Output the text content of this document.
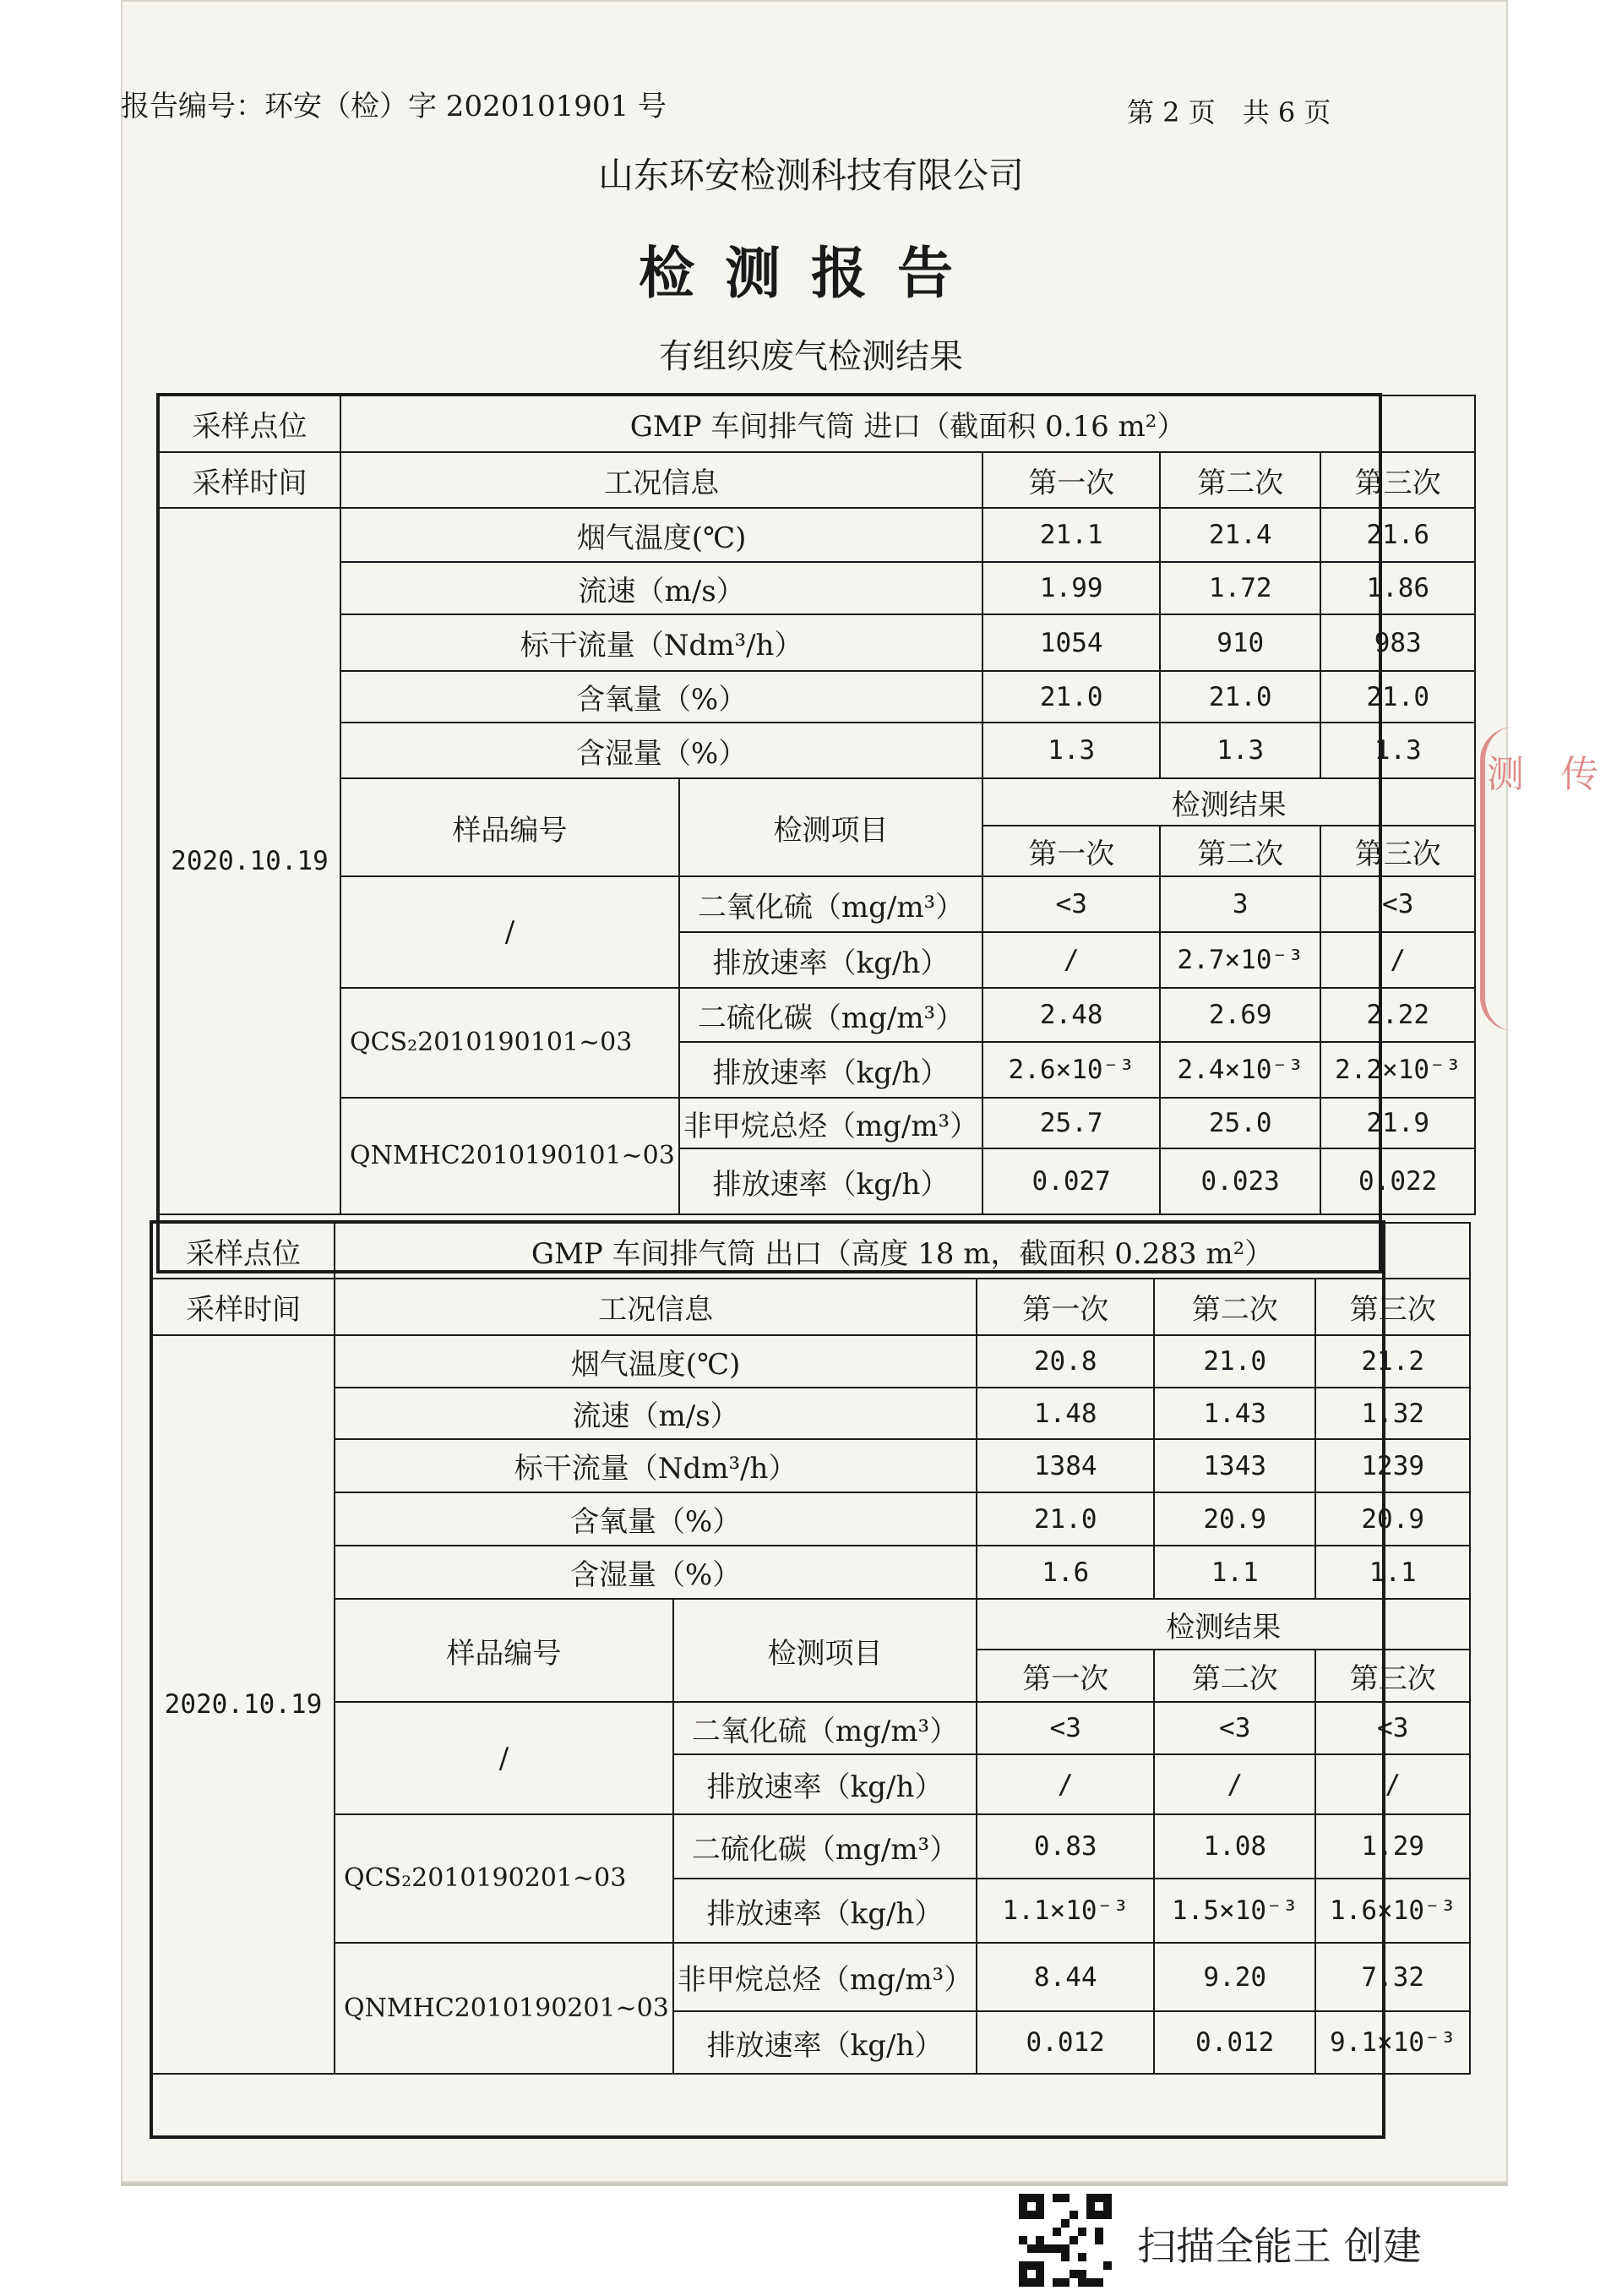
报告编号：环安（检）字 2020101901 号	第 2 页　共 6 页
山东环安检测科技有限公司
检测报告
有组织废气检测结果
采样点位	GMP 车间排气筒 进口（截面积 0.16 m²）				
采样时间	工况信息		第一次	第二次	第三次
2020.10.19	烟气温度(℃)		21.1	21.4	21.6
	流速（m/s）		1.99	1.72	1.86
	标干流量（Ndm³/h）		1054	910	983
	含氧量（%）		21.0	21.0	21.0
	含湿量（%）		1.3	1.3	1.3
	样品编号	检测项目	检测结果		
			第一次	第二次	第三次
	/	二氧化硫（mg/m³）	<3	3	<3
		排放速率（kg/h）	/	2.7×10⁻³	/
	QCS₂2010190101~03	二硫化碳（mg/m³）	2.48	2.69	2.22
		排放速率（kg/h）	2.6×10⁻³	2.4×10⁻³	2.2×10⁻³
	QNMHC2010190101~03	非甲烷总烃（mg/m³）	25.7	25.0	21.9
		排放速率（kg/h）	0.027	0.023	0.022
采样点位	GMP 车间排气筒 出口（高度 18 m，截面积 0.283 m²）				
采样时间	工况信息		第一次	第二次	第三次
2020.10.19	烟气温度(℃)		20.8	21.0	21.2
	流速（m/s）		1.48	1.43	1.32
	标干流量（Ndm³/h）		1384	1343	1239
	含氧量（%）		21.0	20.9	20.9
	含湿量（%）		1.6	1.1	1.1
	样品编号	检测项目	检测结果		
			第一次	第二次	第三次
	/	二氧化硫（mg/m³）	<3	<3	<3
		排放速率（kg/h）	/	/	/
	QCS₂2010190201~03	二硫化碳（mg/m³）	0.83	1.08	1.29
		排放速率（kg/h）	1.1×10⁻³	1.5×10⁻³	1.6×10⁻³
	QNMHC2010190201~03	非甲烷总烃（mg/m³）	8.44	9.20	7.32
		排放速率（kg/h）	0.012	0.012	9.1×10⁻³
测　传
扫描全能王 创建
